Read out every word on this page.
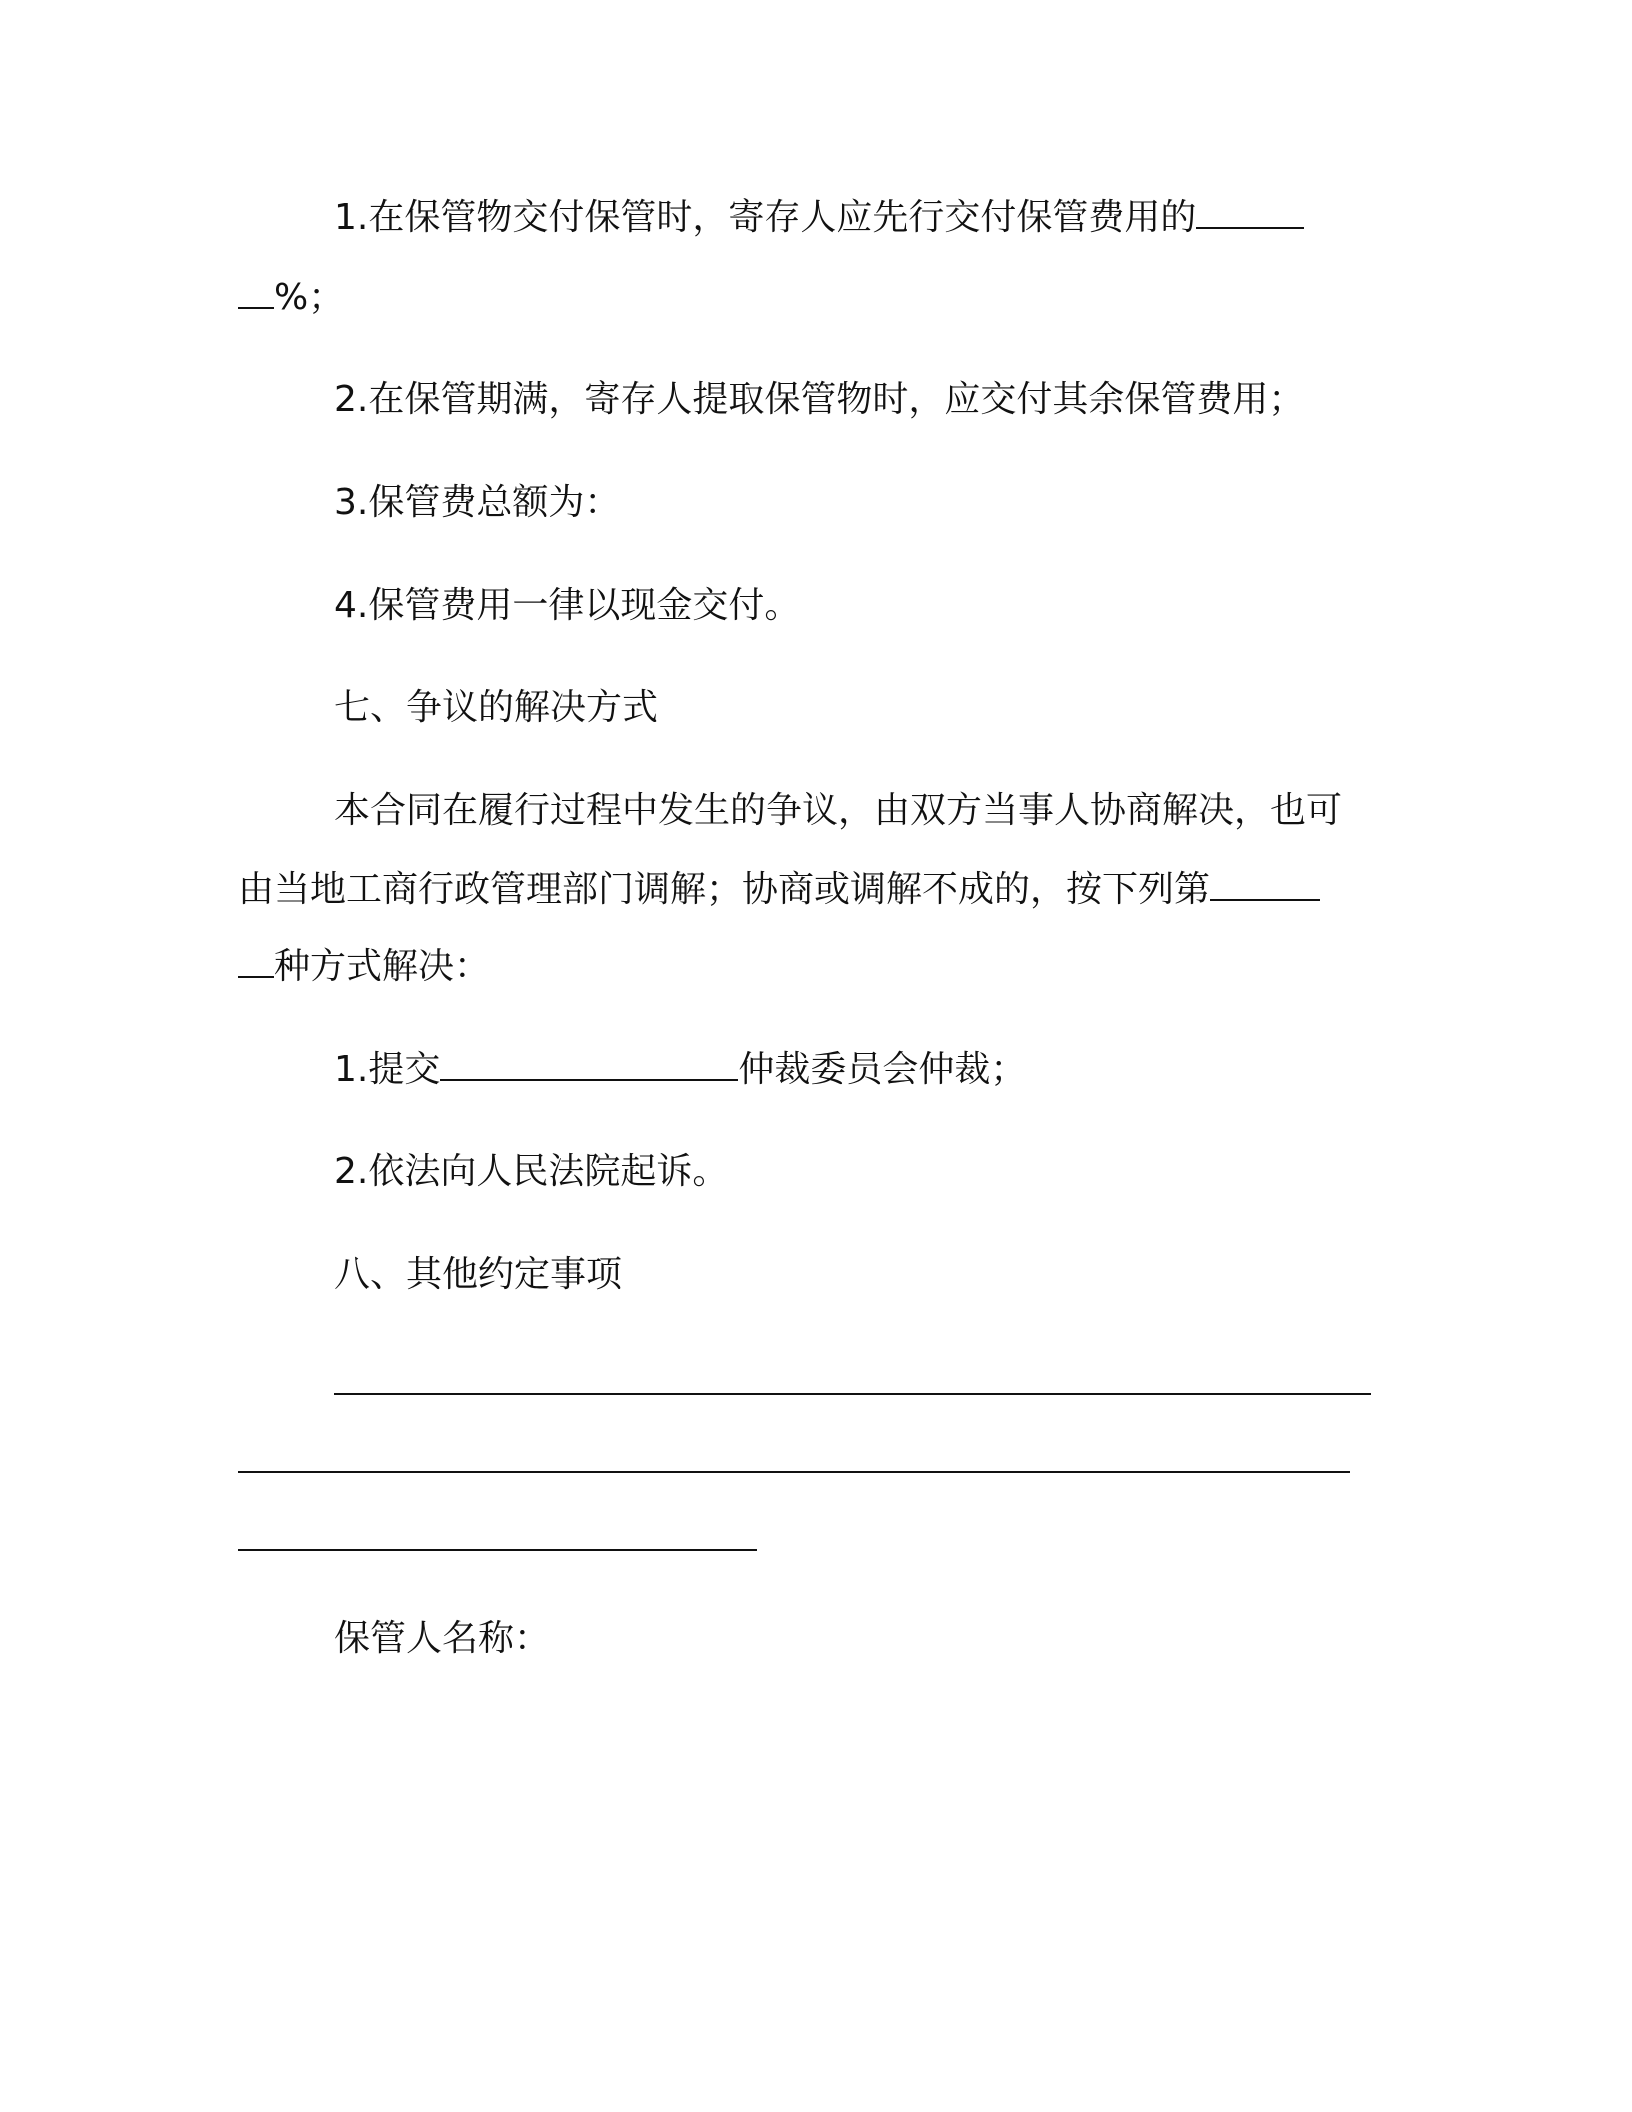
1.在保管物交付保管时，寄存人应先行交付保管费用的
%；
2.在保管期满，寄存人提取保管物时，应交付其余保管费用；
3.保管费总额为：
4.保管费用一律以现金交付。
七、争议的解决方式
本合同在履行过程中发生的争议，由双方当事人协商解决，也可
由当地工商行政管理部门调解；协商或调解不成的，按下列第
种方式解决：
1.提交	仲裁委员会仲裁；
2.依法向人民法院起诉。
八、其他约定事项
保管人名称：
